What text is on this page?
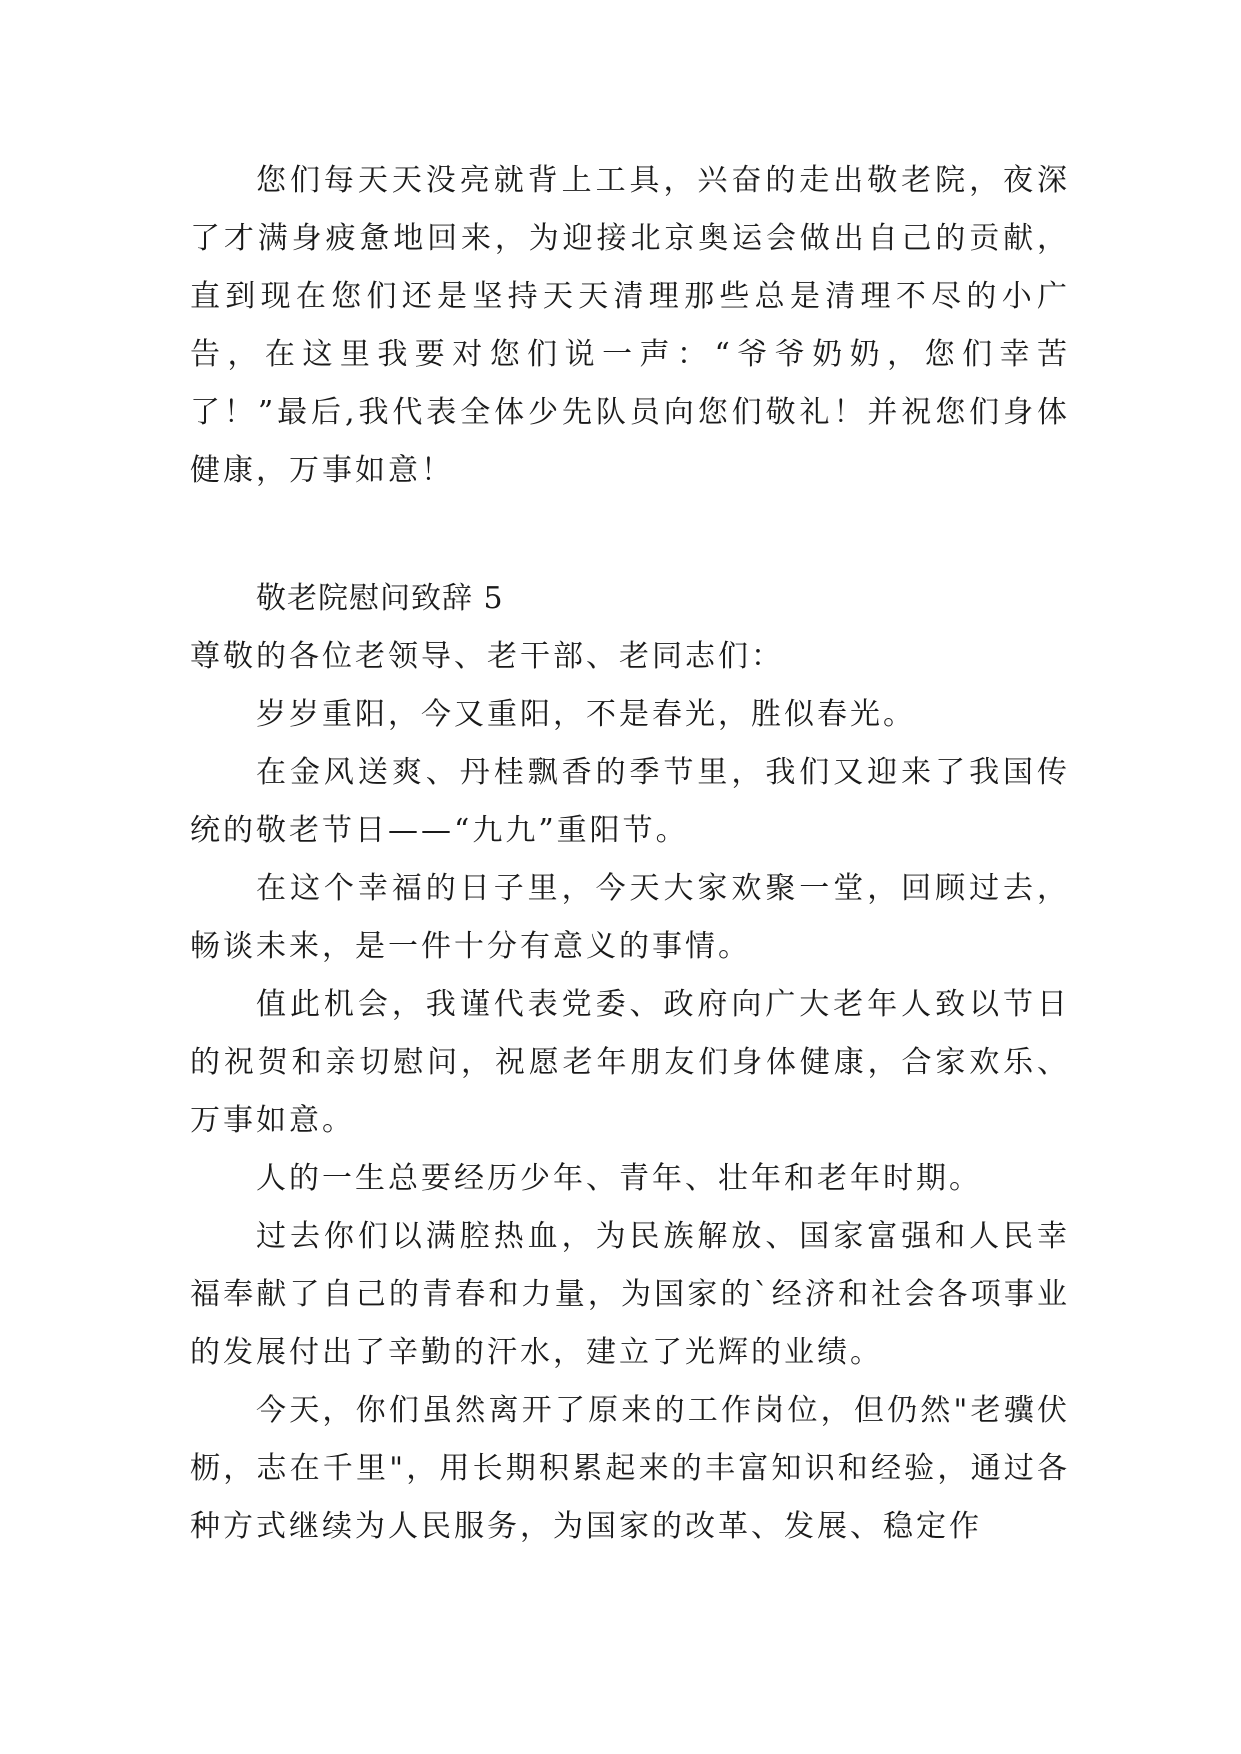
您们每天天没亮就背上工具，兴奋的走出敬老院，夜深了才满身疲惫地回来，为迎接北京奥运会做出自己的贡献，直到现在您们还是坚持天天清理那些总是清理不尽的小广告，在这里我要对您们说一声：“爷爷奶奶，您们幸苦了！”最后,我代表全体少先队员向您们敬礼！并祝您们身体健康，万事如意！

敬老院慰问致辞 5

尊敬的各位老领导、老干部、老同志们：

岁岁重阳，今又重阳，不是春光，胜似春光。

在金风送爽、丹桂飘香的季节里，我们又迎来了我国传统的敬老节日——“九九”重阳节。

在这个幸福的日子里，今天大家欢聚一堂，回顾过去，畅谈未来，是一件十分有意义的事情。

值此机会，我谨代表党委、政府向广大老年人致以节日的祝贺和亲切慰问，祝愿老年朋友们身体健康，合家欢乐、万事如意。

人的一生总要经历少年、青年、壮年和老年时期。

过去你们以满腔热血，为民族解放、国家富强和人民幸福奉献了自己的青春和力量，为国家的`经济和社会各项事业的发展付出了辛勤的汗水，建立了光辉的业绩。

今天，你们虽然离开了原来的工作岗位，但仍然"老骥伏枥，志在千里"，用长期积累起来的丰富知识和经验，通过各种方式继续为人民服务，为国家的改革、发展、稳定作
